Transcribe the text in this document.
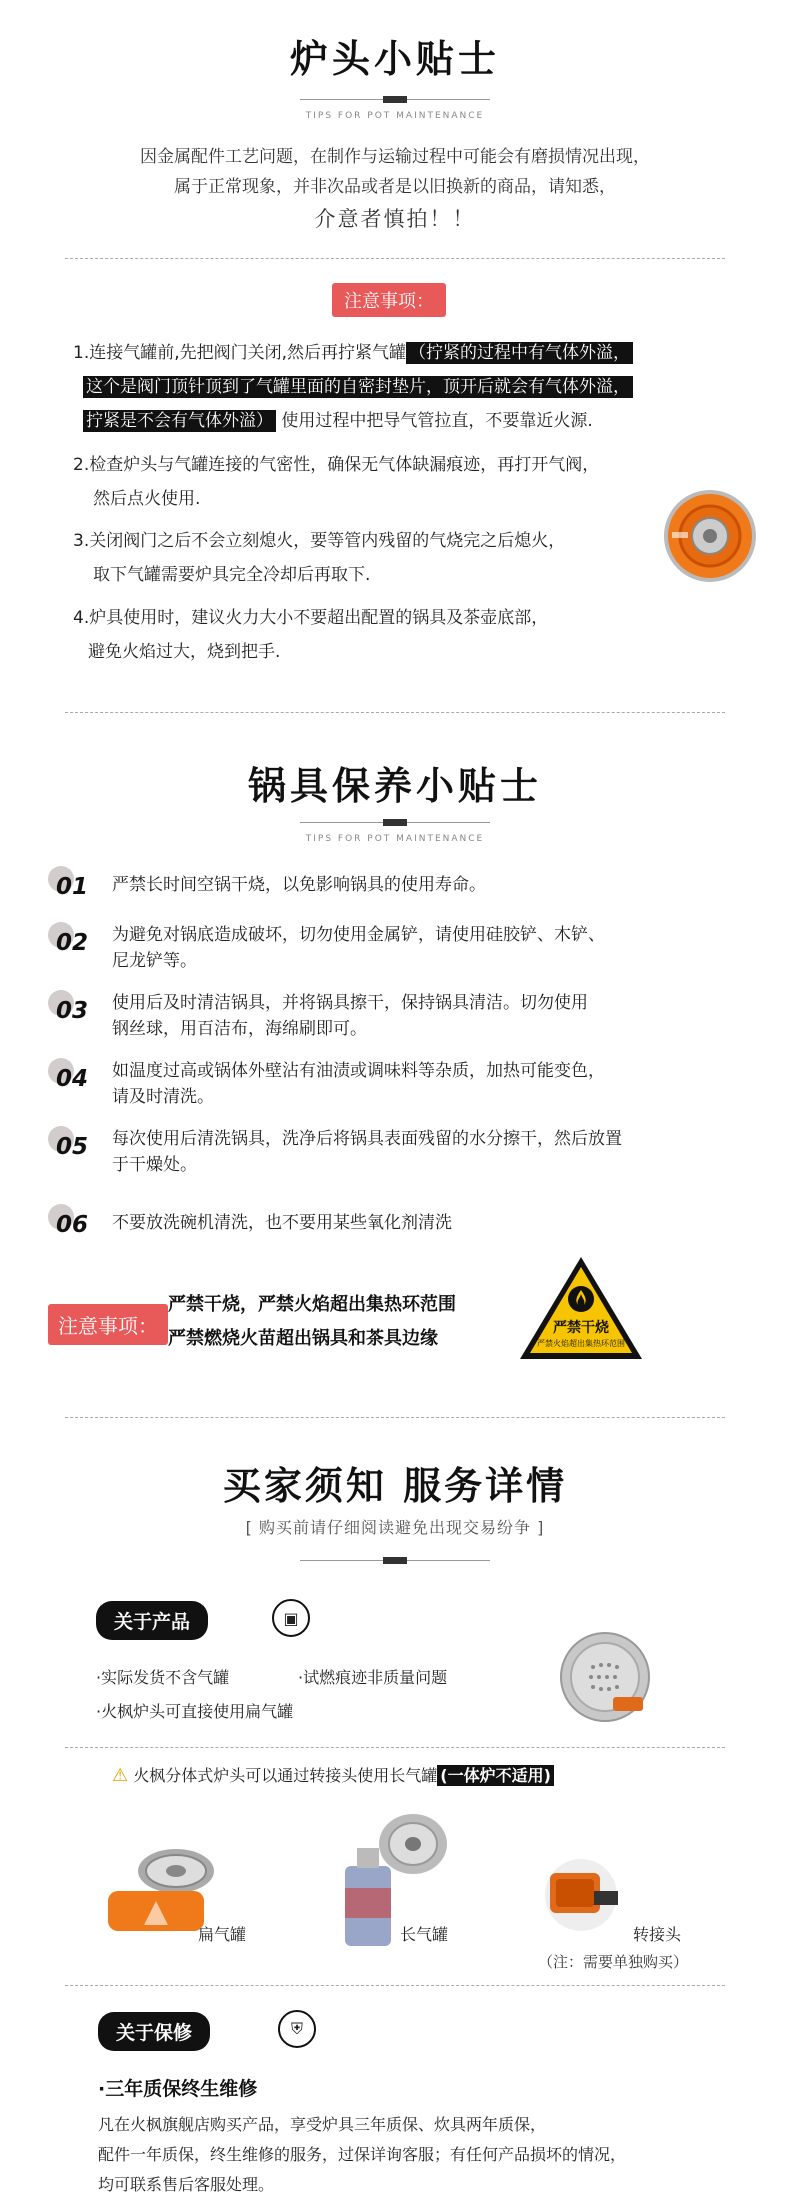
炉头小贴士
TIPS FOR POT MAINTENANCE
因金属配件工艺问题，在制作与运输过程中可能会有磨损情况出现，
属于正常现象，并非次品或者是以旧换新的商品，请知悉，
介意者慎拍！！
注意事项：
1.连接气罐前,先把阀门关闭,然后再拧紧气罐 （拧紧的过程中有气体外溢，
这个是阀门顶针顶到了气罐里面的自密封垫片，顶开后就会有气体外溢，
拧紧是不会有气体外溢） 使用过程中把导气管拉直，不要靠近火源.
2.检查炉头与气罐连接的气密性，确保无气体缺漏痕迹，再打开气阀，
然后点火使用.
3.关闭阀门之后不会立刻熄火，要等管内残留的气烧完之后熄火，
取下气罐需要炉具完全冷却后再取下.
4.炉具使用时，建议火力大小不要超出配置的锅具及茶壶底部，
避免火焰过大，烧到把手.
锅具保养小贴士
TIPS FOR POT MAINTENANCE
01 严禁长时间空锅干烧，以免影响锅具的使用寿命。
02 为避免对锅底造成破坏，切勿使用金属铲，请使用硅胶铲、木铲、
尼龙铲等。
03 使用后及时清洁锅具，并将锅具擦干，保持锅具清洁。切勿使用
钢丝球，用百洁布，海绵刷即可。
04 如温度过高或锅体外壁沾有油渍或调味料等杂质，加热可能变色，
请及时清洗。
05 每次使用后清洗锅具，洗净后将锅具表面残留的水分擦干，然后放置
于干燥处。
06 不要放洗碗机清洗，也不要用某些氧化剂清洗
注意事项：
严禁干烧，严禁火焰超出集热环范围
严禁燃烧火苗超出锅具和茶具边缘	严禁干烧
严禁火焰超出集热环范围
买家须知 服务详情
[ 购买前请仔细阅读避免出现交易纷争 ]
关于产品	▣
·实际发货不含气罐	·试燃痕迹非质量问题
·火枫炉头可直接使用扁气罐
⚠ 火枫分体式炉头可以通过转接头使用长气罐 (一体炉不适用)
扁气罐	长气罐	转接头
（注：需要单独购买）
关于保修	⛨
·三年质保终生维修
凡在火枫旗舰店购买产品，享受炉具三年质保、炊具两年质保，
配件一年质保，终生维修的服务，过保详询客服；有任何产品损坏的情况，
均可联系售后客服处理。
